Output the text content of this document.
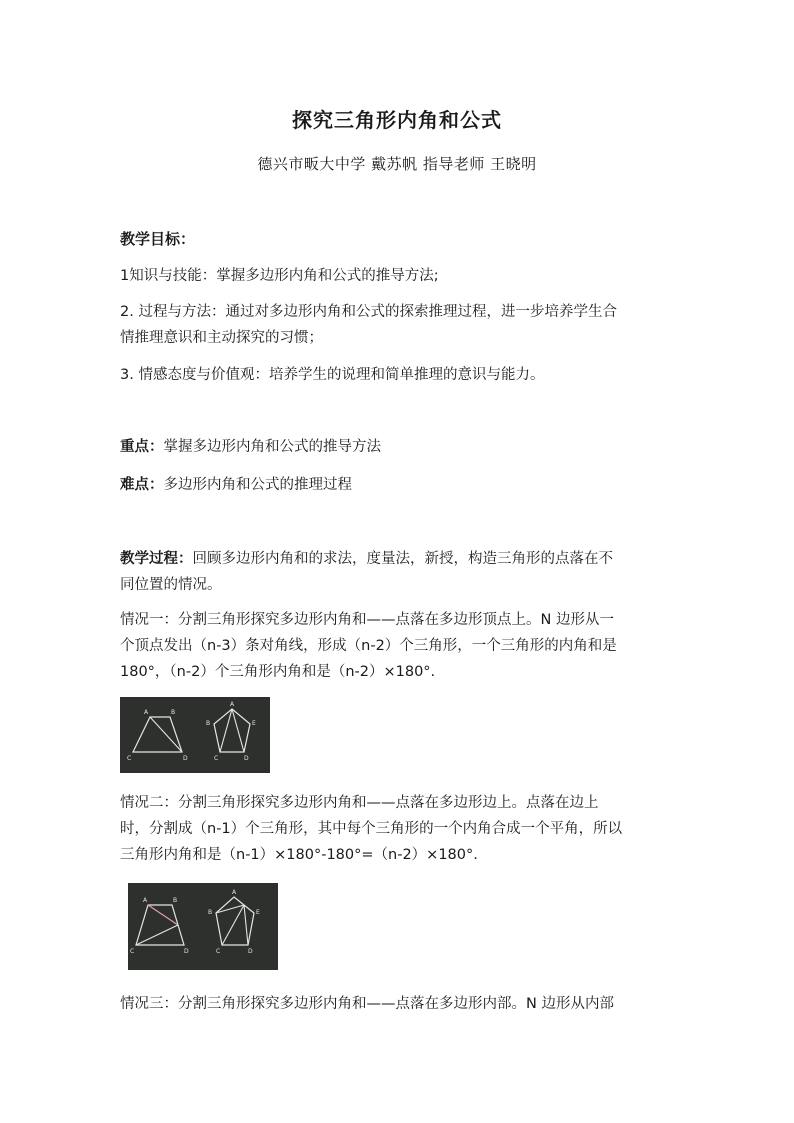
探究三角形内角和公式
德兴市畈大中学 戴苏帆 指导老师 王晓明
教学目标：
1知识与技能：掌握多边形内角和公式的推导方法;
2. 过程与方法：通过对多边形内角和公式的探索推理过程，进一步培养学生合
情推理意识和主动探究的习惯；
3. 情感态度与价值观：培养学生的说理和简单推理的意识与能力。
重点：掌握多边形内角和公式的推导方法
难点：多边形内角和公式的推理过程
教学过程：回顾多边形内角和的求法，度量法，新授，构造三角形的点落在不
同位置的情况。
情况一：分割三角形探究多边形内角和——点落在多边形顶点上。N 边形从一
个顶点发出（n-3）条对角线，形成（n-2）个三角形，一个三角形的内角和是
180°，（n-2）个三角形内角和是（n-2）×180°.
A	B
C	D
A
B	E
C	D
情况二：分割三角形探究多边形内角和——点落在多边形边上。点落在边上
时，分割成（n-1）个三角形，其中每个三角形的一个内角合成一个平角，所以
三角形内角和是（n-1）×180°-180°=（n-2）×180°.
A	B
C	D
A
B	E
C	D
情况三：分割三角形探究多边形内角和——点落在多边形内部。N 边形从内部
